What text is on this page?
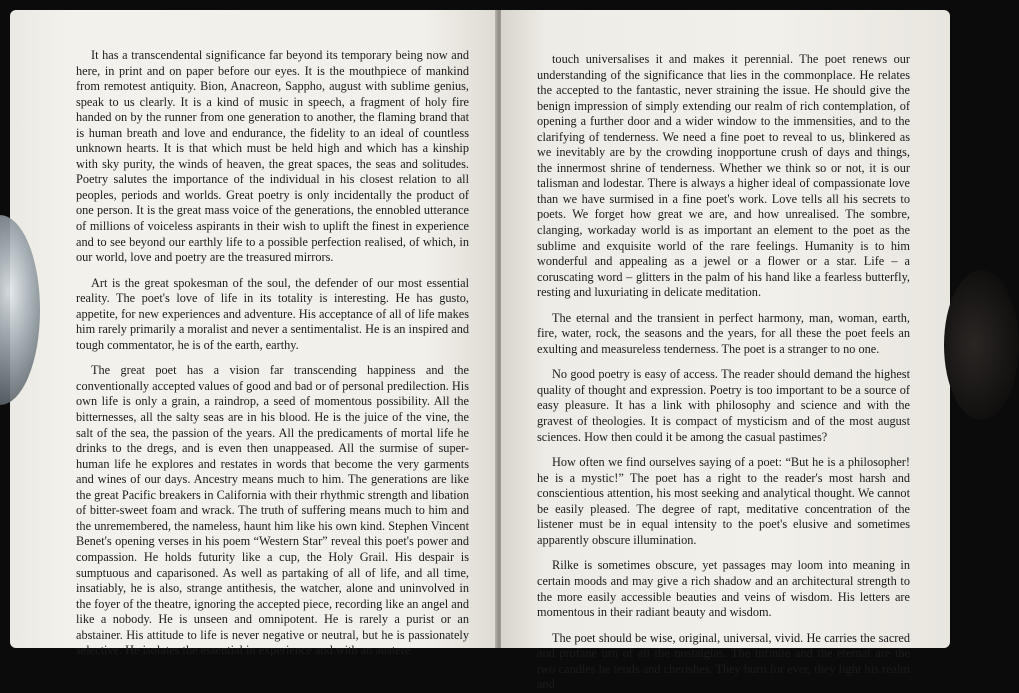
It has a transcendental significance far beyond its temporary being now and here, in print and on paper before our eyes. It is the mouthpiece of mankind from remotest antiquity. Bion, Anacreon, Sappho, august with sublime genius, speak to us clearly. It is a kind of music in speech, a fragment of holy fire handed on by the runner from one generation to another, the flaming brand that is human breath and love and endurance, the fidelity to an ideal of countless unknown hearts. It is that which must be held high and which has a kinship with sky purity, the winds of heaven, the great spaces, the seas and solitudes. Poetry salutes the importance of the individual in his closest relation to all peoples, periods and worlds. Great poetry is only incidentally the product of one person. It is the great mass voice of the generations, the ennobled utterance of millions of voiceless aspirants in their wish to uplift the finest in experience and to see beyond our earthly life to a possible perfection realised, of which, in our world, love and poetry are the treasured mirrors.

Art is the great spokesman of the soul, the defender of our most essential reality. The poet's love of life in its totality is interesting. He has gusto, appetite, for new experiences and adventure. His acceptance of all of life makes him rarely primarily a moralist and never a sentimentalist. He is an inspired and tough commentator, he is of the earth, earthy.

The great poet has a vision far transcending happiness and the conventionally accepted values of good and bad or of personal predilection. His own life is only a grain, a raindrop, a seed of momentous possibility. All the bitternesses, all the salty seas are in his blood. He is the juice of the vine, the salt of the sea, the passion of the years. All the predicaments of mortal life he drinks to the dregs, and is even then unappeased. All the surmise of super-human life he explores and restates in words that become the very garments and wines of our days. Ancestry means much to him. The generations are like the great Pacific breakers in California with their rhythmic strength and libation of bitter-sweet foam and wrack. The truth of suffering means much to him and the unremembered, the nameless, haunt him like his own kind. Stephen Vincent Benet's opening verses in his poem “Western Star” reveal this poet's power and compassion. He holds futurity like a cup, the Holy Grail. His despair is sumptuous and caparisoned. As well as partaking of all of life, and all time, insatiably, he is also, strange antithesis, the watcher, alone and uninvolved in the foyer of the theatre, ignoring the accepted piece, recording like an angel and like a nobody. He is unseen and omnipotent. He is rarely a purist or an abstainer. His attitude to life is never negative or neutral, but he is passionately selective. He isolates the essential in experience and with an austere

touch universalises it and makes it perennial. The poet renews our understanding of the significance that lies in the commonplace. He relates the accepted to the fantastic, never straining the issue. He should give the benign impression of simply extending our realm of rich contemplation, of opening a further door and a wider window to the immensities, and to the clarifying of tenderness. We need a fine poet to reveal to us, blinkered as we inevitably are by the crowding inopportune crush of days and things, the innermost shrine of tenderness. Whether we think so or not, it is our talisman and lodestar. There is always a higher ideal of compassionate love than we have surmised in a fine poet's work. Love tells all his secrets to poets. We forget how great we are, and how unrealised. The sombre, clanging, workaday world is as important an element to the poet as the sublime and exquisite world of the rare feelings. Humanity is to him wonderful and appealing as a jewel or a flower or a star. Life – a coruscating word – glitters in the palm of his hand like a fearless butterfly, resting and luxuriating in delicate meditation.

The eternal and the transient in perfect harmony, man, woman, earth, fire, water, rock, the seasons and the years, for all these the poet feels an exulting and measureless tenderness. The poet is a stranger to no one.

No good poetry is easy of access. The reader should demand the highest quality of thought and expression. Poetry is too important to be a source of easy pleasure. It has a link with philosophy and science and with the gravest of theologies. It is compact of mysticism and of the most august sciences. How then could it be among the casual pastimes?

How often we find ourselves saying of a poet: “But he is a philosopher! he is a mystic!” The poet has a right to the reader's most harsh and conscientious attention, his most seeking and analytical thought. We cannot be easily pleased. The degree of rapt, meditative concentration of the listener must be in equal intensity to the poet's elusive and sometimes apparently obscure illumination.

Rilke is sometimes obscure, yet passages may loom into meaning in certain moods and may give a rich shadow and an architectural strength to the more easily accessible beauties and veins of wisdom. His letters are momentous in their radiant beauty and wisdom.

The poet should be wise, original, universal, vivid. He carries the sacred and profane urn of all the nostalgias. The infinite and the eternal are the two candles he tends and cherishes. They burn for ever, they light his realm and
